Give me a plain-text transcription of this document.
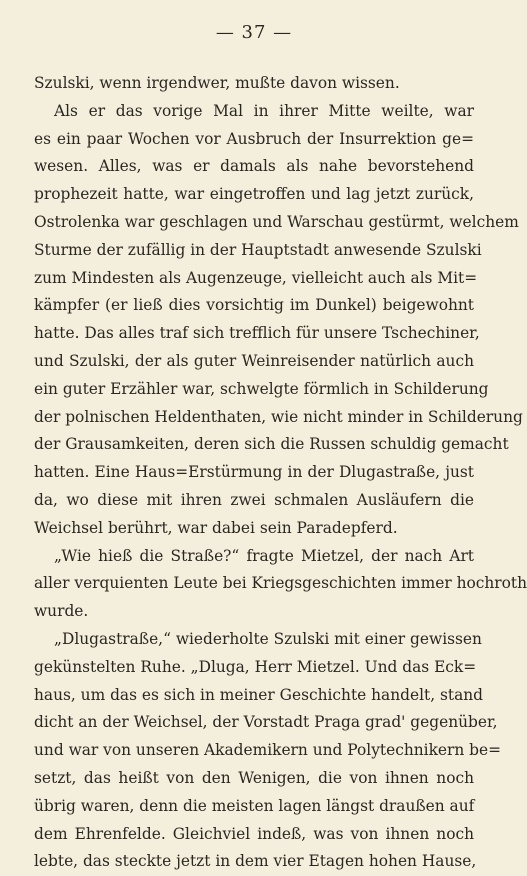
— 37 —
Szulski, wenn irgendwer, mußte davon wissen.
Als er das vorige Mal in ihrer Mitte weilte, war
es ein paar Wochen vor Ausbruch der Insurrektion ge=
wesen. Alles, was er damals als nahe bevorstehend
prophezeit hatte, war eingetroffen und lag jetzt zurück,
Ostrolenka war geschlagen und Warschau gestürmt, welchem
Sturme der zufällig in der Hauptstadt anwesende Szulski
zum Mindesten als Augenzeuge, vielleicht auch als Mit=
kämpfer (er ließ dies vorsichtig im Dunkel) beigewohnt
hatte. Das alles traf sich trefflich für unsere Tschechiner,
und Szulski, der als guter Weinreisender natürlich auch
ein guter Erzähler war, schwelgte förmlich in Schilderung
der polnischen Heldenthaten, wie nicht minder in Schilderung
der Grausamkeiten, deren sich die Russen schuldig gemacht
hatten. Eine Haus=Erstürmung in der Dlugastraße, just
da, wo diese mit ihren zwei schmalen Ausläufern die
Weichsel berührt, war dabei sein Paradepferd.
„Wie hieß die Straße?“ fragte Mietzel, der nach Art
aller verquienten Leute bei Kriegsgeschichten immer hochroth
wurde.
„Dlugastraße,“ wiederholte Szulski mit einer gewissen
gekünstelten Ruhe. „Dluga, Herr Mietzel. Und das Eck=
haus, um das es sich in meiner Geschichte handelt, stand
dicht an der Weichsel, der Vorstadt Praga grad' gegenüber,
und war von unseren Akademikern und Polytechnikern be=
setzt, das heißt von den Wenigen, die von ihnen noch
übrig waren, denn die meisten lagen längst draußen auf
dem Ehrenfelde. Gleichviel indeß, was von ihnen noch
lebte, das steckte jetzt in dem vier Etagen hohen Hause,
